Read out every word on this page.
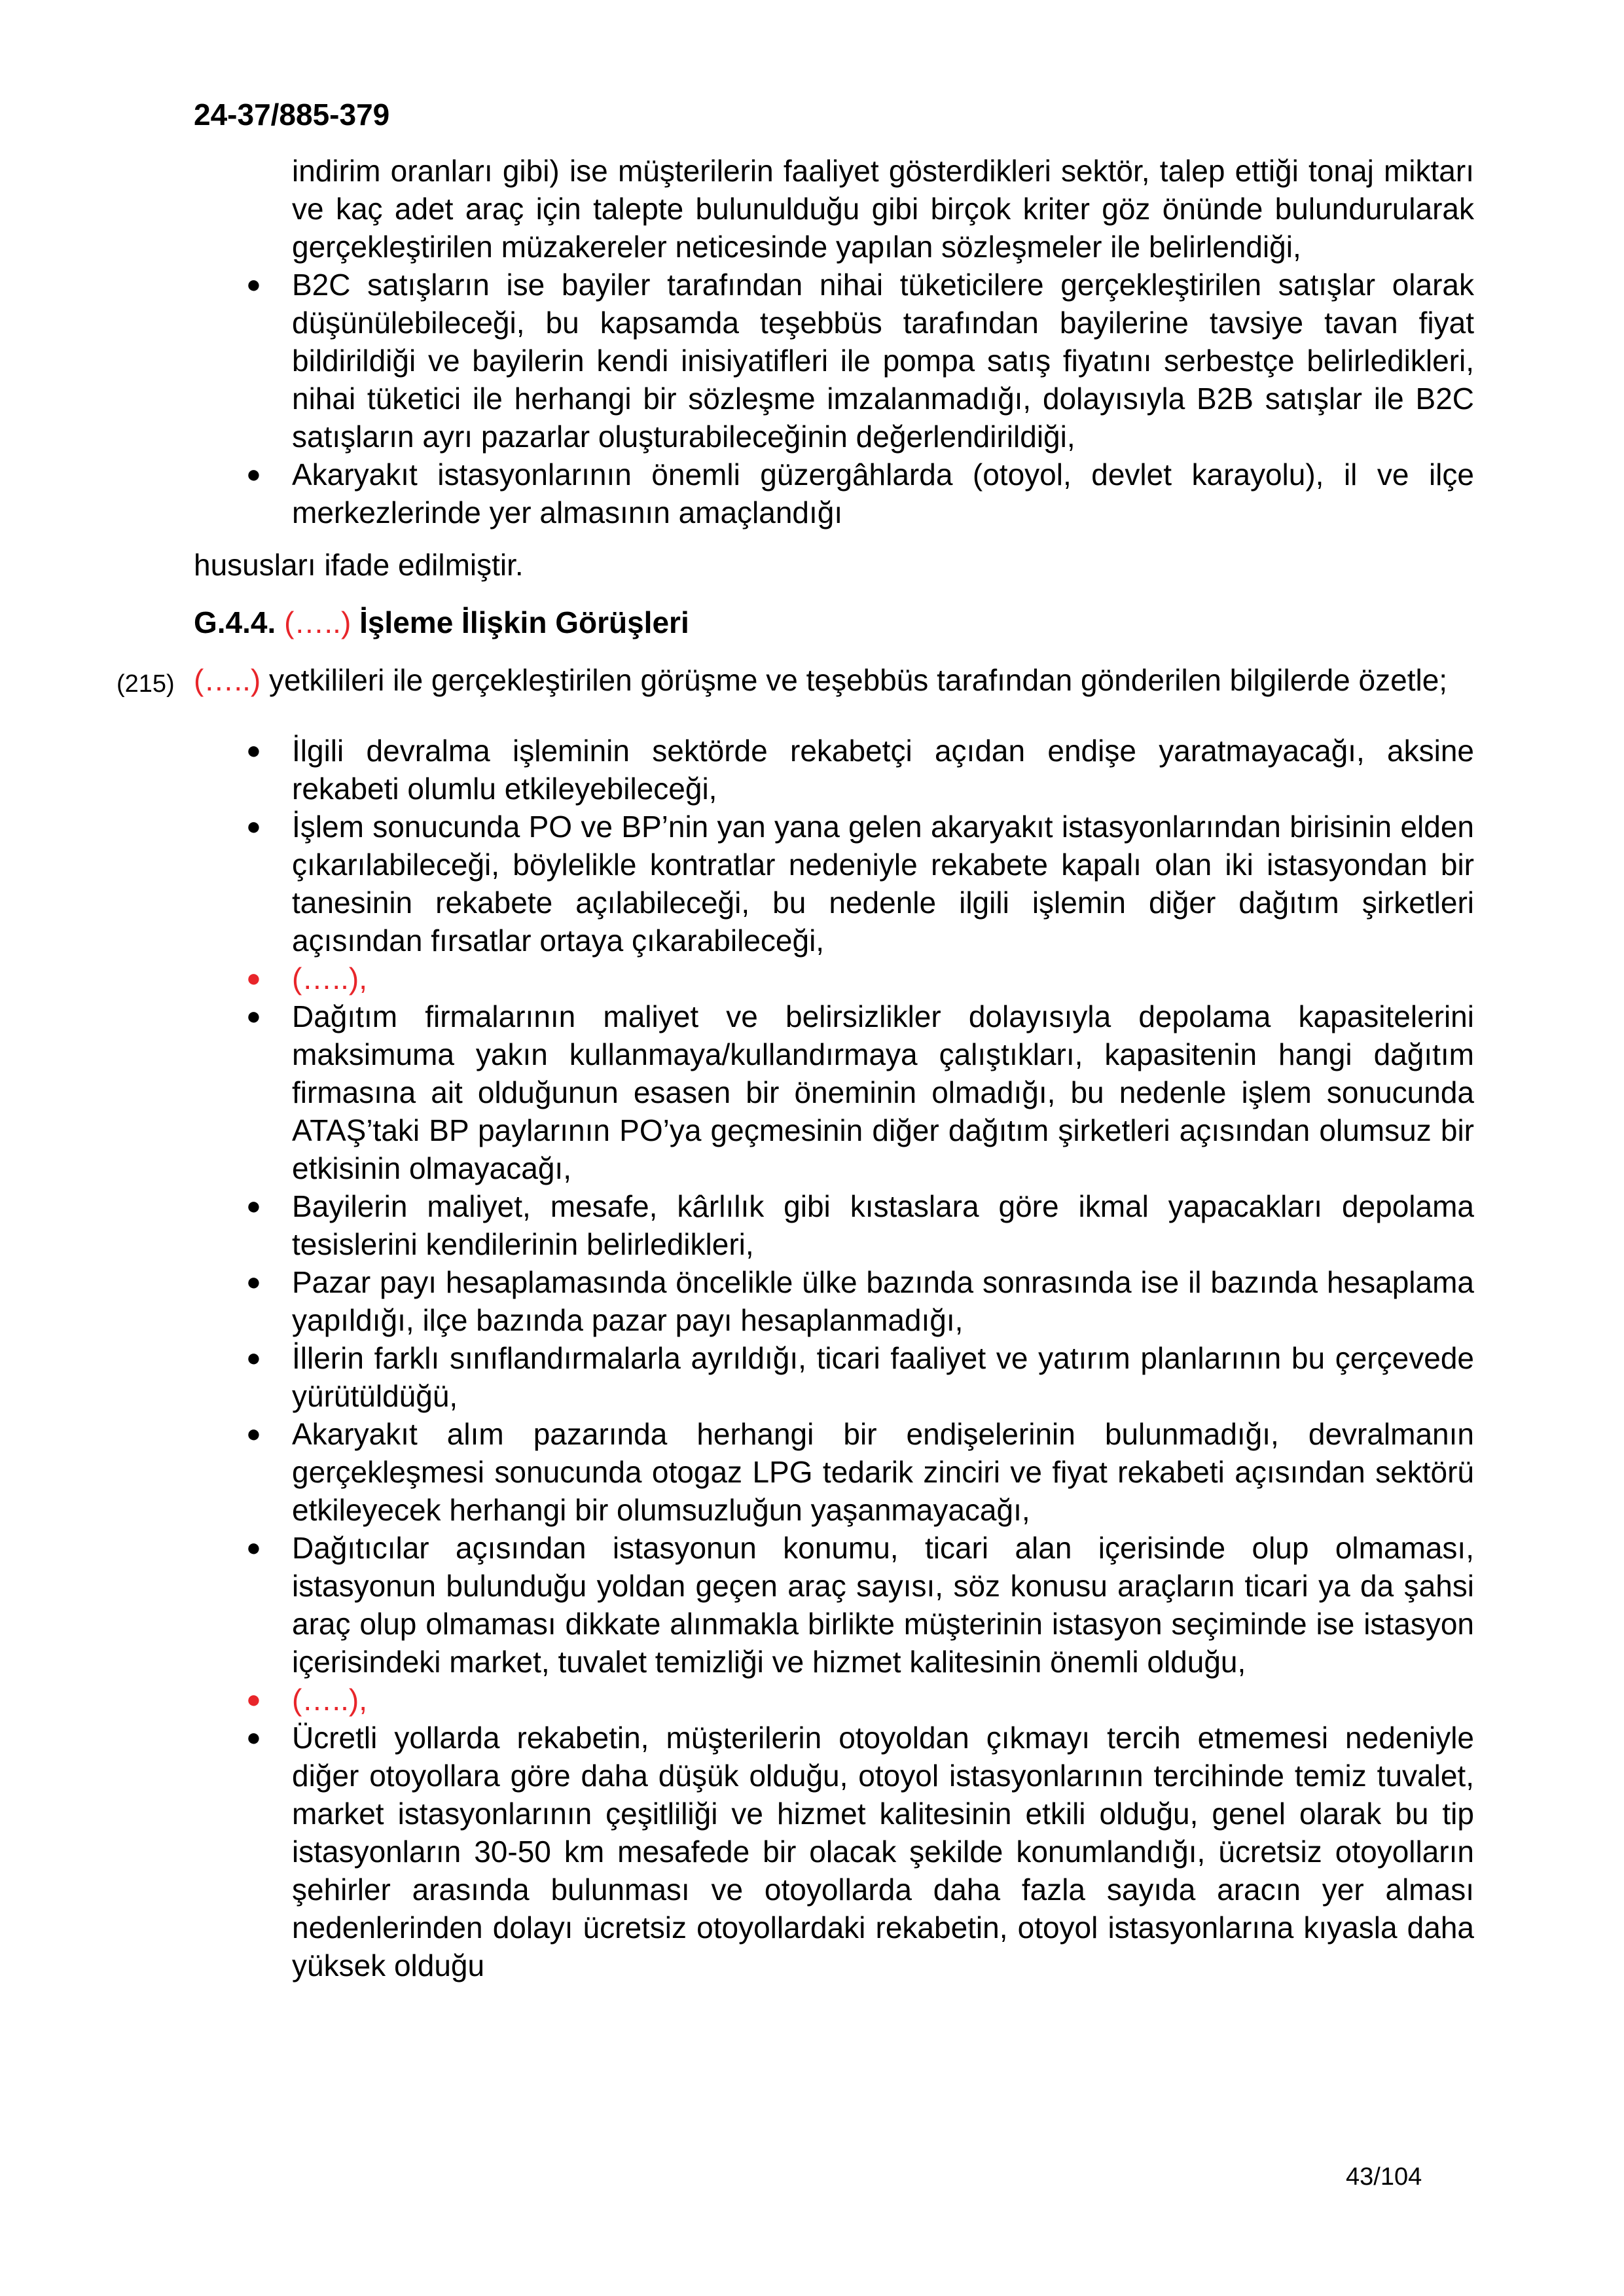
24-37/885-379

indirim oranları gibi) ise müşterilerin faaliyet gösterdikleri sektör, talep ettiği tonaj miktarı ve kaç adet araç için talepte bulunulduğu gibi birçok kriter göz önünde bulundurularak gerçekleştirilen müzakereler neticesinde yapılan sözleşmeler ile belirlendiği,

● B2C satışların ise bayiler tarafından nihai tüketicilere gerçekleştirilen satışlar olarak düşünülebileceği, bu kapsamda teşebbüs tarafından bayilerine tavsiye tavan fiyat bildirildiği ve bayilerin kendi inisiyatifleri ile pompa satış fiyatını serbestçe belirledikleri, nihai tüketici ile herhangi bir sözleşme imzalanmadığı, dolayısıyla B2B satışlar ile B2C satışların ayrı pazarlar oluşturabileceğinin değerlendirildiği,
● Akaryakıt istasyonlarının önemli güzergâhlarda (otoyol, devlet karayolu), il ve ilçe merkezlerinde yer almasının amaçlandığı

hususları ifade edilmiştir.

G.4.4. (…..) İşleme İlişkin Görüşleri

(215) (…..) yetkilileri ile gerçekleştirilen görüşme ve teşebbüs tarafından gönderilen bilgilerde özetle;

● İlgili devralma işleminin sektörde rekabetçi açıdan endişe yaratmayacağı, aksine rekabeti olumlu etkileyebileceği,
● İşlem sonucunda PO ve BP’nin yan yana gelen akaryakıt istasyonlarından birisinin elden çıkarılabileceği, böylelikle kontratlar nedeniyle rekabete kapalı olan iki istasyondan bir tanesinin rekabete açılabileceği, bu nedenle ilgili işlemin diğer dağıtım şirketleri açısından fırsatlar ortaya çıkarabileceği,
● (…..),
● Dağıtım firmalarının maliyet ve belirsizlikler dolayısıyla depolama kapasitelerini maksimuma yakın kullanmaya/kullandırmaya çalıştıkları, kapasitenin hangi dağıtım firmasına ait olduğunun esasen bir öneminin olmadığı, bu nedenle işlem sonucunda ATAŞ’taki BP paylarının PO’ya geçmesinin diğer dağıtım şirketleri açısından olumsuz bir etkisinin olmayacağı,
● Bayilerin maliyet, mesafe, kârlılık gibi kıstaslara göre ikmal yapacakları depolama tesislerini kendilerinin belirledikleri,
● Pazar payı hesaplamasında öncelikle ülke bazında sonrasında ise il bazında hesaplama yapıldığı, ilçe bazında pazar payı hesaplanmadığı,
● İllerin farklı sınıflandırmalarla ayrıldığı, ticari faaliyet ve yatırım planlarının bu çerçevede yürütüldüğü,
● Akaryakıt alım pazarında herhangi bir endişelerinin bulunmadığı, devralmanın gerçekleşmesi sonucunda otogaz LPG tedarik zinciri ve fiyat rekabeti açısından sektörü etkileyecek herhangi bir olumsuzluğun yaşanmayacağı,
● Dağıtıcılar açısından istasyonun konumu, ticari alan içerisinde olup olmaması, istasyonun bulunduğu yoldan geçen araç sayısı, söz konusu araçların ticari ya da şahsi araç olup olmaması dikkate alınmakla birlikte müşterinin istasyon seçiminde ise istasyon içerisindeki market, tuvalet temizliği ve hizmet kalitesinin önemli olduğu,
● (…..),
● Ücretli yollarda rekabetin, müşterilerin otoyoldan çıkmayı tercih etmemesi nedeniyle diğer otoyollara göre daha düşük olduğu, otoyol istasyonlarının tercihinde temiz tuvalet, market istasyonlarının çeşitliliği ve hizmet kalitesinin etkili olduğu, genel olarak bu tip istasyonların 30-50 km mesafede bir olacak şekilde konumlandığı, ücretsiz otoyolların şehirler arasında bulunması ve otoyollarda daha fazla sayıda aracın yer alması nedenlerinden dolayı ücretsiz otoyollardaki rekabetin, otoyol istasyonlarına kıyasla daha yüksek olduğu
43/104
